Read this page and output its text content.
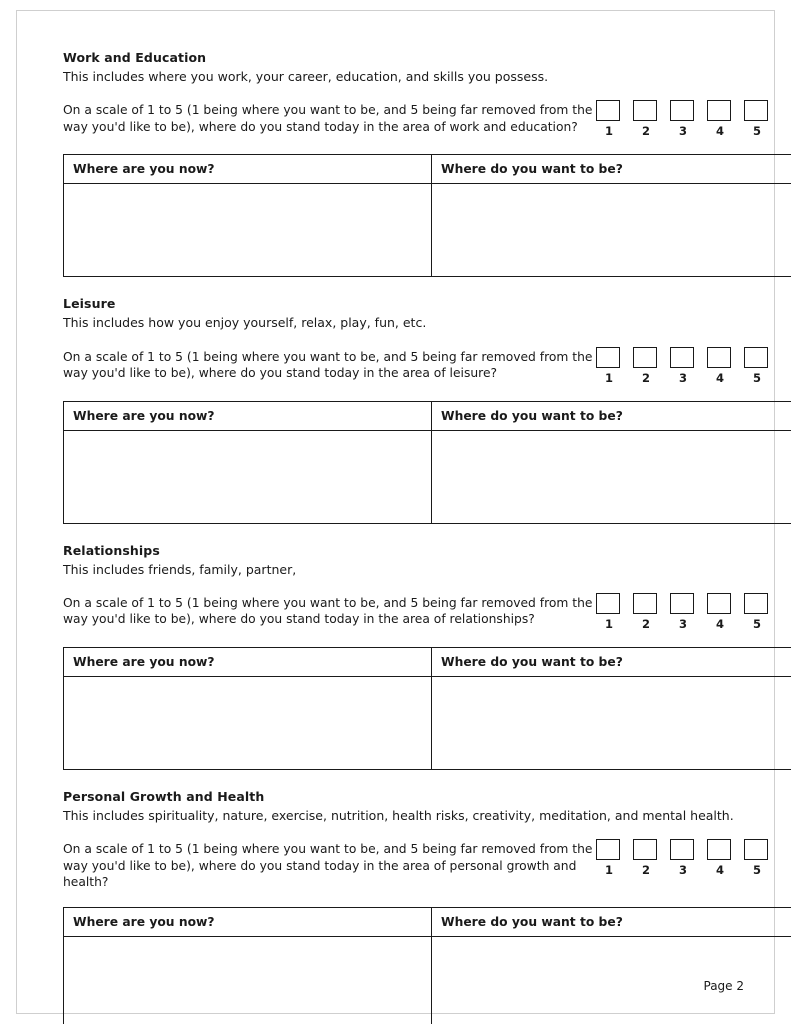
Work and Education
This includes where you work, your career, education, and skills you possess.
On a scale of 1 to 5 (1 being where you want to be, and 5 being far removed from the way you'd like to be), where do you stand today in the area of work and education?	1	2	3	4	5
Where are you now?	Where do you want to be?

Leisure
This includes how you enjoy yourself, relax, play, fun, etc.
On a scale of 1 to 5 (1 being where you want to be, and 5 being far removed from the way you'd like to be), where do you stand today in the area of leisure?	1	2	3	4	5
Where are you now?	Where do you want to be?

Relationships
This includes friends, family, partner,
On a scale of 1 to 5 (1 being where you want to be, and 5 being far removed from the way you'd like to be), where do you stand today in the area of relationships?	1	2	3	4	5
Where are you now?	Where do you want to be?

Personal Growth and Health
This includes spirituality, nature, exercise, nutrition, health risks, creativity, meditation, and mental health.
On a scale of 1 to 5 (1 being where you want to be, and 5 being far removed from the way you'd like to be), where do you stand today in the area of personal growth and health?
1	2	3	4	5
Where are you now?	Where do you want to be?

Page 2
